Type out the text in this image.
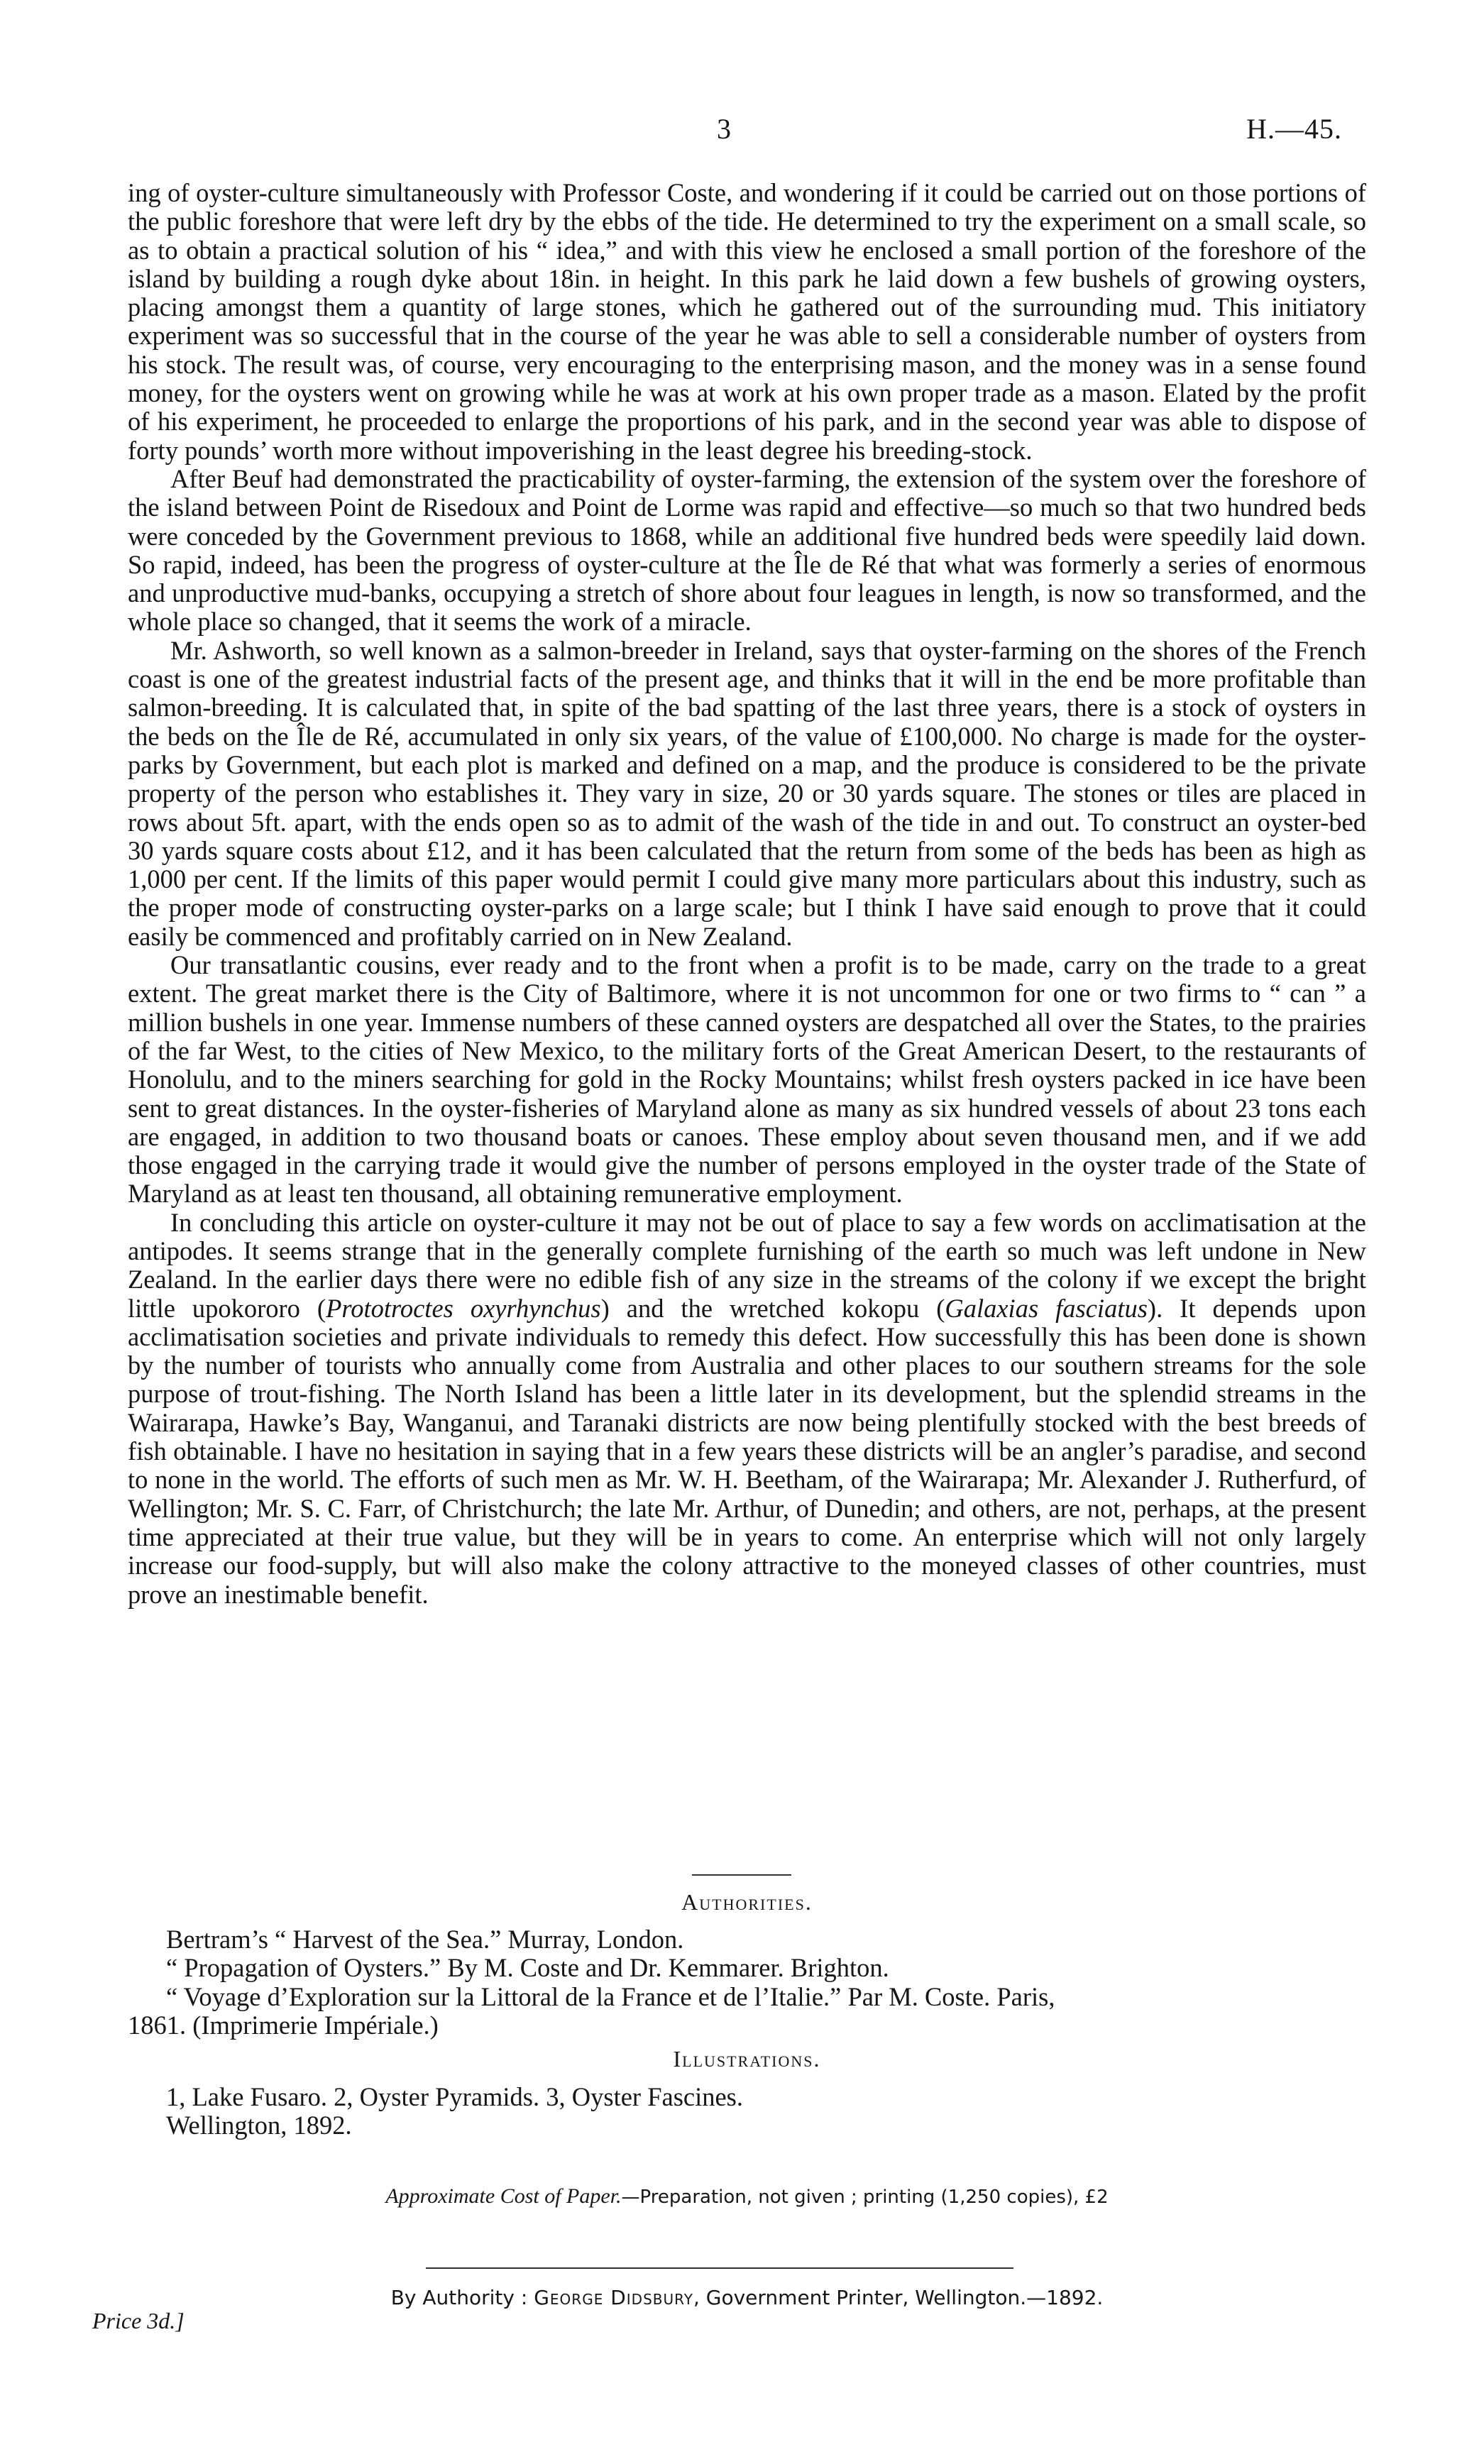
3	H.—45.

ing of oyster-culture simultaneously with Professor Coste, and wondering if it could be carried out on those portions of the public foreshore that were left dry by the ebbs of the tide. He determined to try the experiment on a small scale, so as to obtain a practical solution of his “ idea,” and with this view he enclosed a small portion of the foreshore of the island by building a rough dyke about 18in. in height. In this park he laid down a few bushels of growing oysters, placing amongst them a quantity of large stones, which he gathered out of the surrounding mud. This initiatory experiment was so successful that in the course of the year he was able to sell a considerable number of oysters from his stock. The result was, of course, very encouraging to the enterprising mason, and the money was in a sense found money, for the oysters went on growing while he was at work at his own proper trade as a mason. Elated by the profit of his experiment, he proceeded to enlarge the proportions of his park, and in the second year was able to dispose of forty pounds’ worth more without impoverishing in the least degree his breeding-stock.

After Beuf had demonstrated the practicability of oyster-farming, the extension of the system over the foreshore of the island between Point de Risedoux and Point de Lorme was rapid and effective—so much so that two hundred beds were conceded by the Government previous to 1868, while an additional five hundred beds were speedily laid down. So rapid, indeed, has been the progress of oyster-culture at the Île de Ré that what was formerly a series of enormous and unproductive mud-banks, occupying a stretch of shore about four leagues in length, is now so transformed, and the whole place so changed, that it seems the work of a miracle.

Mr. Ashworth, so well known as a salmon-breeder in Ireland, says that oyster-farming on the shores of the French coast is one of the greatest industrial facts of the present age, and thinks that it will in the end be more profitable than salmon-breeding. It is calculated that, in spite of the bad spatting of the last three years, there is a stock of oysters in the beds on the Île de Ré, accumulated in only six years, of the value of £100,000. No charge is made for the oyster-parks by Government, but each plot is marked and defined on a map, and the produce is considered to be the private property of the person who establishes it. They vary in size, 20 or 30 yards square. The stones or tiles are placed in rows about 5ft. apart, with the ends open so as to admit of the wash of the tide in and out. To construct an oyster-bed 30 yards square costs about £12, and it has been calculated that the return from some of the beds has been as high as 1,000 per cent. If the limits of this paper would permit I could give many more particulars about this industry, such as the proper mode of constructing oyster-parks on a large scale; but I think I have said enough to prove that it could easily be commenced and profitably carried on in New Zealand.

Our transatlantic cousins, ever ready and to the front when a profit is to be made, carry on the trade to a great extent. The great market there is the City of Baltimore, where it is not uncommon for one or two firms to “ can ” a million bushels in one year. Immense numbers of these canned oysters are despatched all over the States, to the prairies of the far West, to the cities of New Mexico, to the military forts of the Great American Desert, to the restaurants of Honolulu, and to the miners searching for gold in the Rocky Mountains; whilst fresh oysters packed in ice have been sent to great distances. In the oyster-fisheries of Maryland alone as many as six hundred vessels of about 23 tons each are engaged, in addition to two thousand boats or canoes. These employ about seven thousand men, and if we add those engaged in the carrying trade it would give the number of persons employed in the oyster trade of the State of Maryland as at least ten thousand, all obtaining remunerative employment.

In concluding this article on oyster-culture it may not be out of place to say a few words on acclimatisation at the antipodes. It seems strange that in the generally complete furnishing of the earth so much was left undone in New Zealand. In the earlier days there were no edible fish of any size in the streams of the colony if we except the bright little upokororo (Prototroctes oxyrhynchus) and the wretched kokopu (Galaxias fasciatus). It depends upon acclimatisation societies and private individuals to remedy this defect. How successfully this has been done is shown by the number of tourists who annually come from Australia and other places to our southern streams for the sole purpose of trout-fishing. The North Island has been a little later in its development, but the splendid streams in the Wairarapa, Hawke’s Bay, Wanganui, and Taranaki districts are now being plentifully stocked with the best breeds of fish obtainable. I have no hesitation in saying that in a few years these districts will be an angler’s paradise, and second to none in the world. The efforts of such men as Mr. W. H. Beetham, of the Wairarapa; Mr. Alexander J. Rutherfurd, of Wellington; Mr. S. C. Farr, of Christchurch; the late Mr. Arthur, of Dunedin; and others, are not, perhaps, at the present time appreciated at their true value, but they will be in years to come. An enterprise which will not only largely increase our food-supply, but will also make the colony attractive to the moneyed classes of other countries, must prove an inestimable benefit.

Authorities.
Bertram’s “ Harvest of the Sea.” Murray, London.
“ Propagation of Oysters.” By M. Coste and Dr. Kemmarer. Brighton.
“ Voyage d’Exploration sur la Littoral de la France et de l’Italie.” Par M. Coste. Paris,
1861. (Imprimerie Impériale.)
Illustrations.
1, Lake Fusaro. 2, Oyster Pyramids. 3, Oyster Fascines.
Wellington, 1892.
Approximate Cost of Paper.—Preparation, not given ; printing (1,250 copies), £2
By Authority : George Didsbury, Government Printer, Wellington.—1892.
Price 3d.]
